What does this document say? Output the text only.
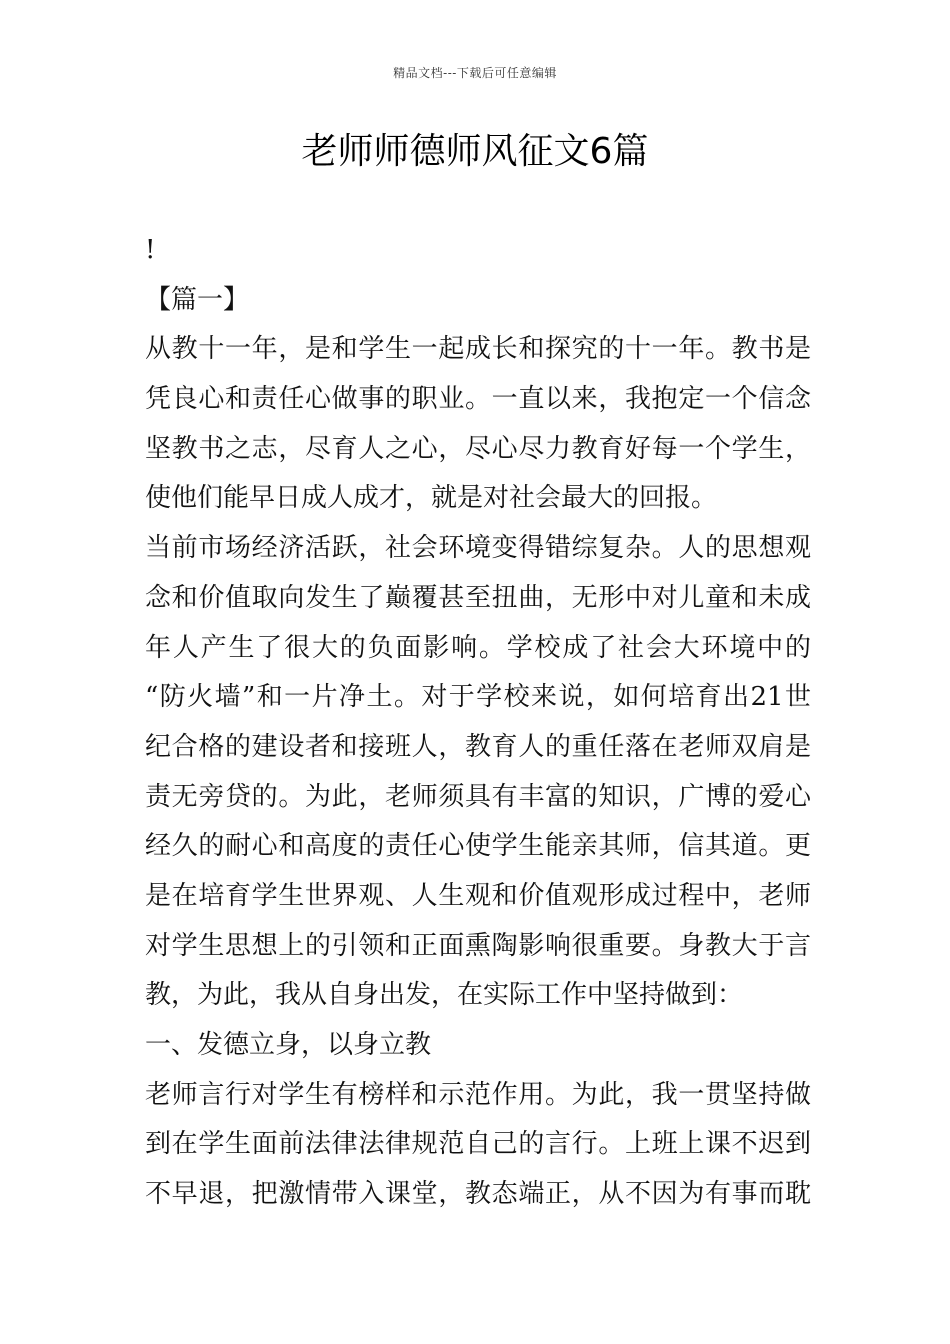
精品文档---下载后可任意编辑
老师师德师风征文6篇
!
【篇一】
从教十一年，是和学生一起成长和探究的十一年。教书是
凭良心和责任心做事的职业。一直以来，我抱定一个信念
坚教书之志，尽育人之心，尽心尽力教育好每一个学生，
使他们能早日成人成才，就是对社会最大的回报。
当前市场经济活跃，社会环境变得错综复杂。人的思想观
念和价值取向发生了巅覆甚至扭曲，无形中对儿童和未成
年人产生了很大的负面影响。学校成了社会大环境中的
“防火墙”和一片净土。对于学校来说，如何培育出21世
纪合格的建设者和接班人，教育人的重任落在老师双肩是
责无旁贷的。为此，老师须具有丰富的知识，广博的爱心
经久的耐心和高度的责任心使学生能亲其师，信其道。更
是在培育学生世界观、人生观和价值观形成过程中，老师
对学生思想上的引领和正面熏陶影响很重要。身教大于言
教，为此，我从自身出发，在实际工作中坚持做到：
一、发德立身，以身立教
老师言行对学生有榜样和示范作用。为此，我一贯坚持做
到在学生面前法律法律规范自己的言行。上班上课不迟到
不早退，把激情带入课堂，教态端正，从不因为有事而耽
